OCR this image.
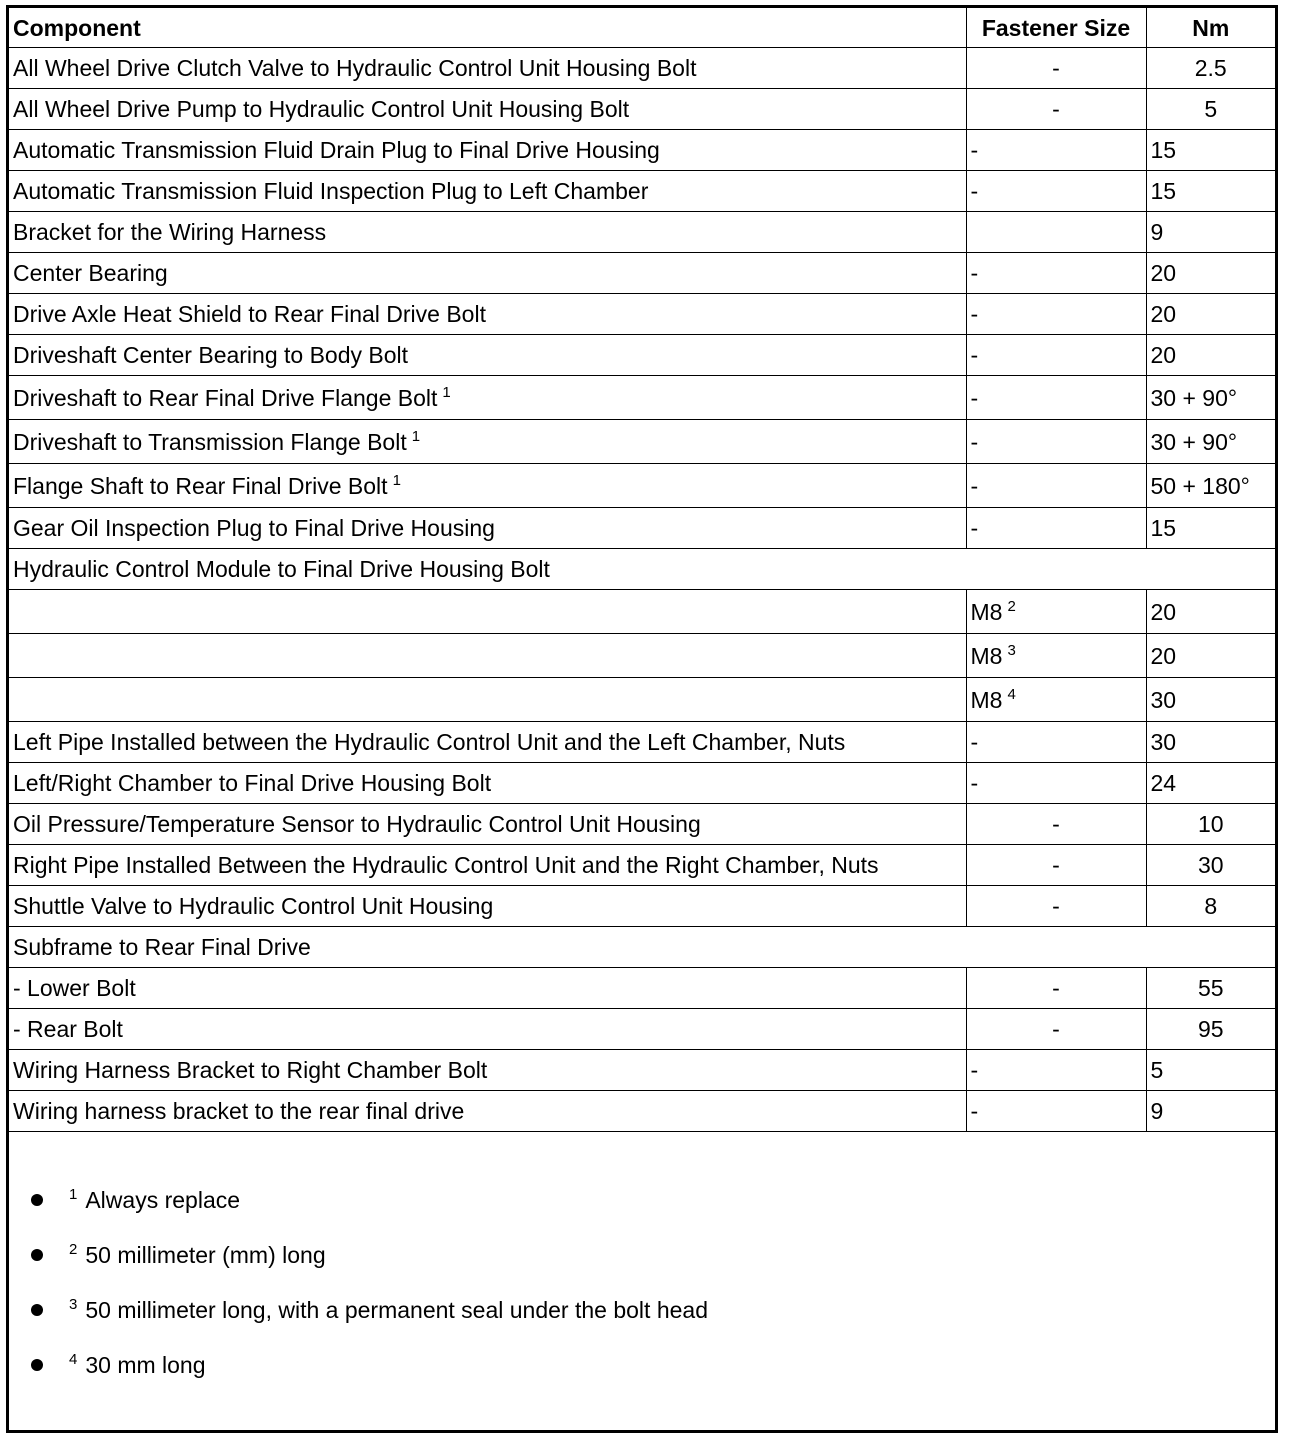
Component	Fastener Size	Nm
All Wheel Drive Clutch Valve to Hydraulic Control Unit Housing Bolt	-	2.5
All Wheel Drive Pump to Hydraulic Control Unit Housing Bolt	-	5
Automatic Transmission Fluid Drain Plug to Final Drive Housing	-	15
Automatic Transmission Fluid Inspection Plug to Left Chamber	-	15
Bracket for the Wiring Harness		9
Center Bearing	-	20
Drive Axle Heat Shield to Rear Final Drive Bolt	-	20
Driveshaft Center Bearing to Body Bolt	-	20
Driveshaft to Rear Final Drive Flange Bolt $^1$	-	30 + 90°
Driveshaft to Transmission Flange Bolt $^1$	-	30 + 90°
Flange Shaft to Rear Final Drive Bolt $^1$	-	50 + 180°
Gear Oil Inspection Plug to Final Drive Housing	-	15
Hydraulic Control Module to Final Drive Housing Bolt		
	M8 $^2$	20
	M8 $^3$	20
	M8 $^4$	30
Left Pipe Installed between the Hydraulic Control Unit and the Left Chamber, Nuts	-	30
Left/Right Chamber to Final Drive Housing Bolt	-	24
Oil Pressure/Temperature Sensor to Hydraulic Control Unit Housing	-	10
Right Pipe Installed Between the Hydraulic Control Unit and the Right Chamber, Nuts	-	30
Shuttle Valve to Hydraulic Control Unit Housing	-	8
Subframe to Rear Final Drive		
- Lower Bolt	-	55
- Rear Bolt	-	95
Wiring Harness Bracket to Right Chamber Bolt	-	5
Wiring harness bracket to the rear final drive	-	9
$^1$ Always replace
$^2$ 50 millimeter (mm) long
$^3$ 50 millimeter long, with a permanent seal under the bolt head
$^4$ 30 mm long
